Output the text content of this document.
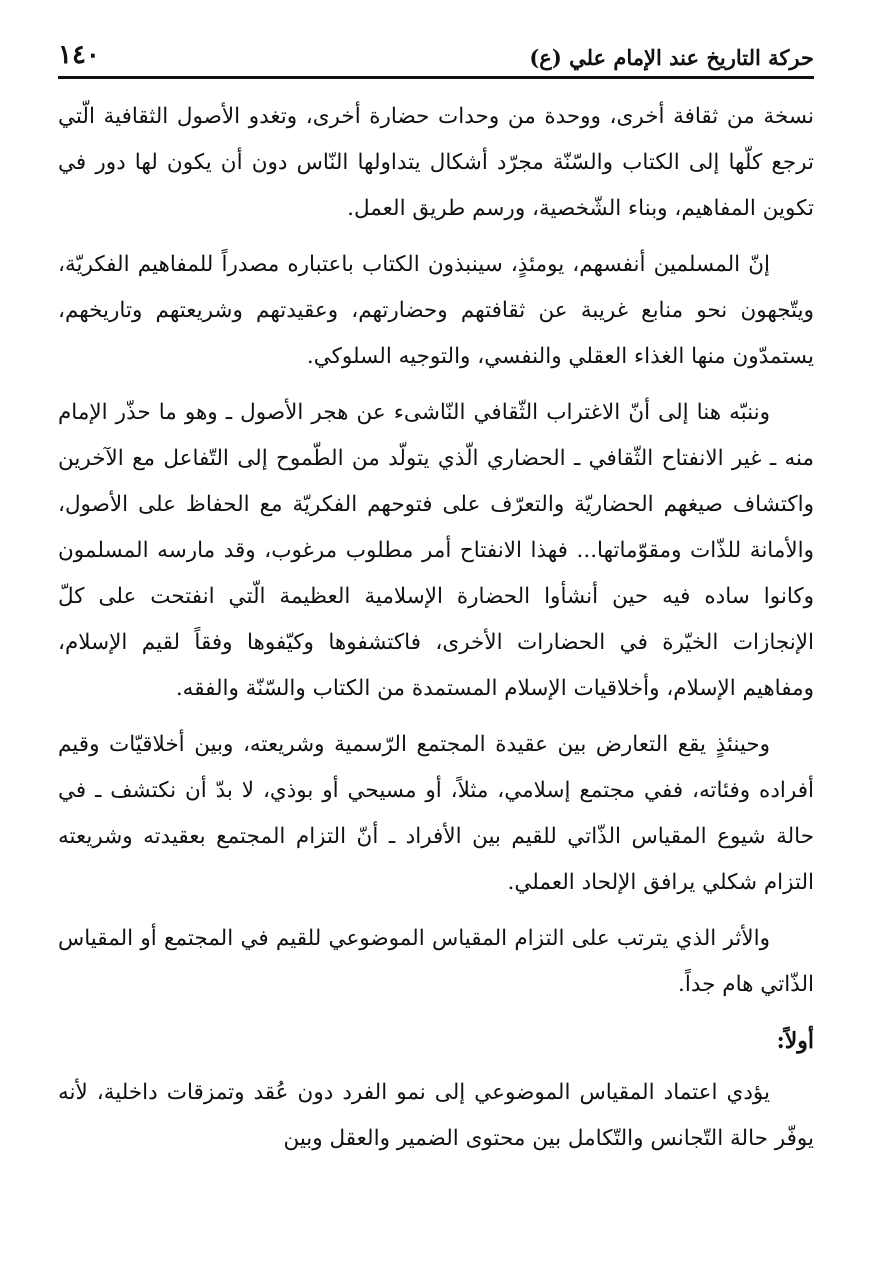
حركة التاريخ عند الإمام علي (ع)
١٤٠

نسخة من ثقافة أخرى، ووحدة من وحدات حضارة أخرى، وتغدو الأصول الثقافية الّتي ترجع كلّها إلى الكتاب والسّنّة مجرّد أشكال يتداولها النّاس دون أن يكون لها دور في تكوين المفاهيم، وبناء الشّخصية، ورسم طريق العمل.

إنّ المسلمين أنفسهم، يومئذٍ، سينبذون الكتاب باعتباره مصدراً للمفاهيم الفكريّة، ويتّجهون نحو منابع غريبة عن ثقافتهم وحضارتهم، وعقيدتهم وشريعتهم وتاريخهم، يستمدّون منها الغذاء العقلي والنفسي، والتوجيه السلوكي.

وننبّه هنا إلى أنّ الاغتراب الثّقافي النّاشىء عن هجر الأصول ـ وهو ما حذّر الإمام منه ـ غير الانفتاح الثّقافي ـ الحضاري الّذي يتولّد من الطّموح إلى التّفاعل مع الآخرين واكتشاف صيغهم الحضاريّة والتعرّف على فتوحهم الفكريّة مع الحفاظ على الأصول، والأمانة للذّات ومقوّماتها... فهذا الانفتاح أمر مطلوب مرغوب، وقد مارسه المسلمون وكانوا ساده فيه حين أنشأوا الحضارة الإسلامية العظيمة الّتي انفتحت على كلّ الإنجازات الخيّرة في الحضارات الأخرى، فاكتشفوها وكيّفوها وفقاً لقيم الإسلام، ومفاهيم الإسلام، وأخلاقيات الإسلام المستمدة من الكتاب والسّنّة والفقه.

وحينئذٍ يقع التعارض بين عقيدة المجتمع الرّسمية وشريعته، وبين أخلاقيّات وقيم أفراده وفئاته، ففي مجتمع إسلامي، مثلاً، أو مسيحي أو بوذي، لا بدّ أن نكتشف ـ في حالة شيوع المقياس الذّاتي للقيم بين الأفراد ـ أنّ التزام المجتمع بعقيدته وشريعته التزام شكلي يرافق الإلحاد العملي.

والأثر الذي يترتب على التزام المقياس الموضوعي للقيم في المجتمع أو المقياس الذّاتي هام جداً.

أولاً:

يؤدي اعتماد المقياس الموضوعي إلى نمو الفرد دون عُقد وتمزقات داخلية، لأنه يوفّر حالة التّجانس والتّكامل بين محتوى الضمير والعقل وبين
